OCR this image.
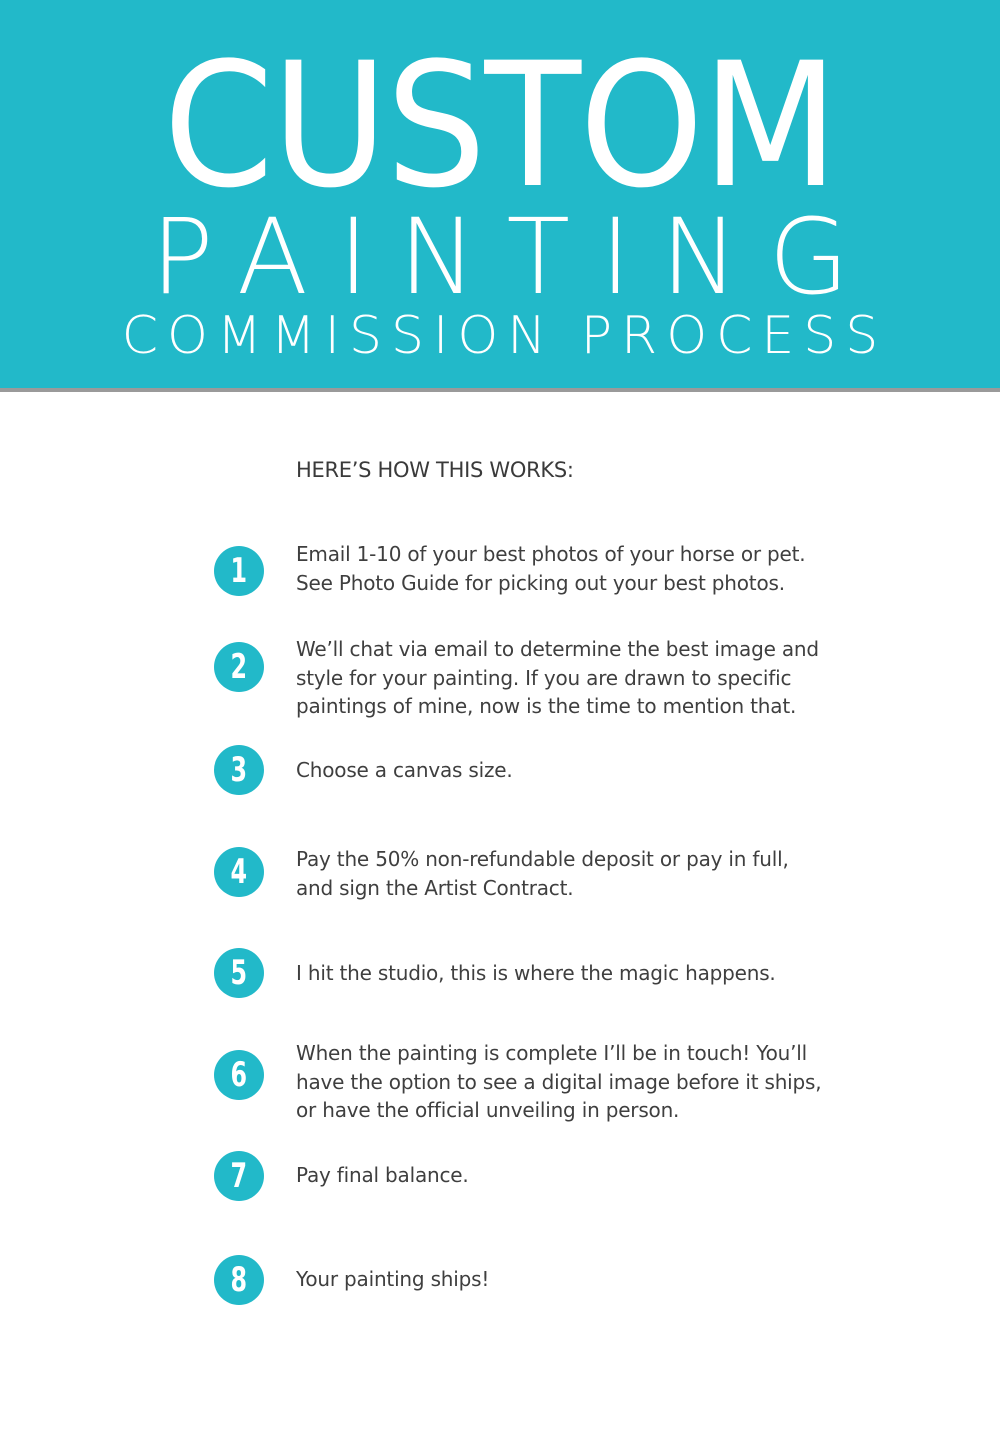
CUSTOM
PAINTING
COMMISSION PROCESS
HERE’S HOW THIS WORKS:
1 Email 1-10 of your best photos of your horse or pet.
See Photo Guide for picking out your best photos.
2 We’ll chat via email to determine the best image and
style for your painting. If you are drawn to specific
paintings of mine, now is the time to mention that.
3 Choose a canvas size.
4 Pay the 50% non-refundable deposit or pay in full,
and sign the Artist Contract.
5 I hit the studio, this is where the magic happens.
6
When the painting is complete I’ll be in touch! You’ll
have the option to see a digital image before it ships,
or have the official unveiling in person.
7 Pay final balance.
8 Your painting ships!
